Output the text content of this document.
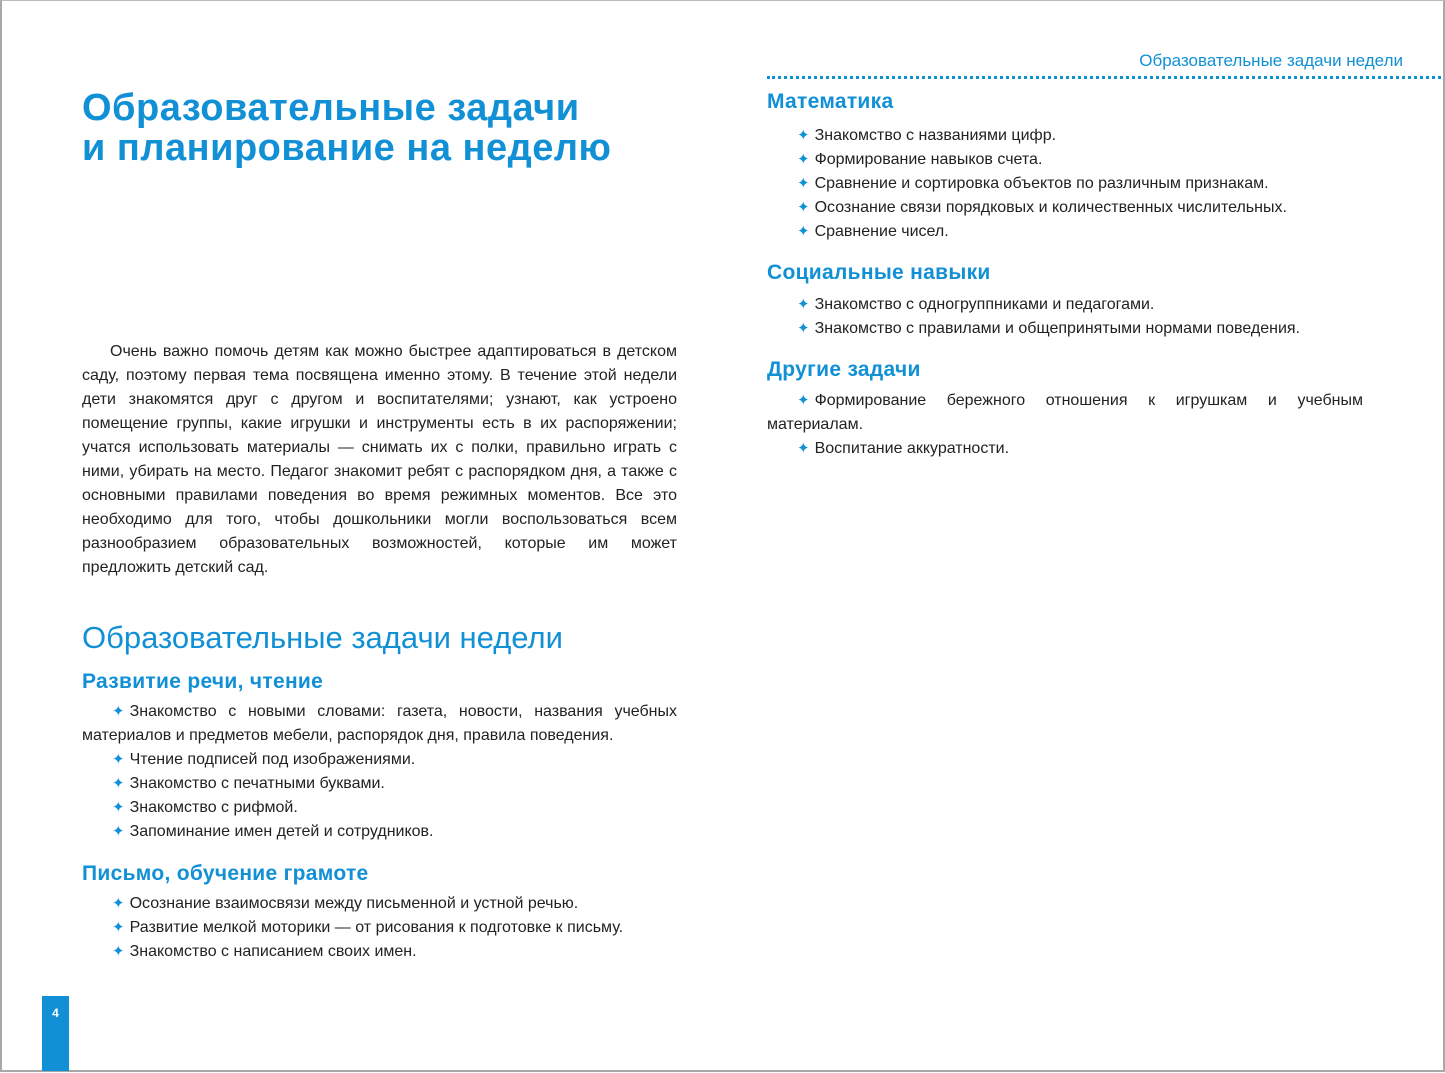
Образовательные задачи
и планирование на неделю

Очень важно помочь детям как можно быстрее адаптироваться в детском саду, поэтому первая тема посвящена именно этому. В течение этой недели дети знакомятся друг с другом и воспитателями; узнают, как устроено помещение группы, какие игрушки и инструменты есть в их распоряжении; учатся использовать материалы — снимать их с полки, правильно играть с ними, убирать на место. Педагог знакомит ребят с распорядком дня, а также с основными правилами поведения во время режимных моментов. Все это необходимо для того, чтобы дошкольники могли воспользоваться всем разнообразием образовательных возможностей, которые им может предложить детский сад.

Образовательные задачи недели
Развитие речи, чтение
✦ Знакомство с новыми словами: газета, новости, названия учебных материалов и предметов мебели, распорядок дня, правила поведения.
✦ Чтение подписей под изображениями.
✦ Знакомство с печатными буквами.
✦ Знакомство с рифмой.
✦ Запоминание имен детей и сотрудников.
Письмо, обучение грамоте
✦ Осознание взаимосвязи между письменной и устной речью.
✦ Развитие мелкой моторики — от рисования к подготовке к письму.
✦ Знакомство с написанием своих имен.
4
Образовательные задачи недели
Математика
✦ Знакомство с названиями цифр.
✦ Формирование навыков счета.
✦ Сравнение и сортировка объектов по различным признакам.
✦ Осознание связи порядковых и количественных числительных.
✦ Сравнение чисел.
Социальные навыки
✦ Знакомство с одногруппниками и педагогами.
✦ Знакомство с правилами и общепринятыми нормами поведения.
Другие задачи
✦ Формирование бережного отношения к игрушкам и учебным материалам.
✦ Воспитание аккуратности.
